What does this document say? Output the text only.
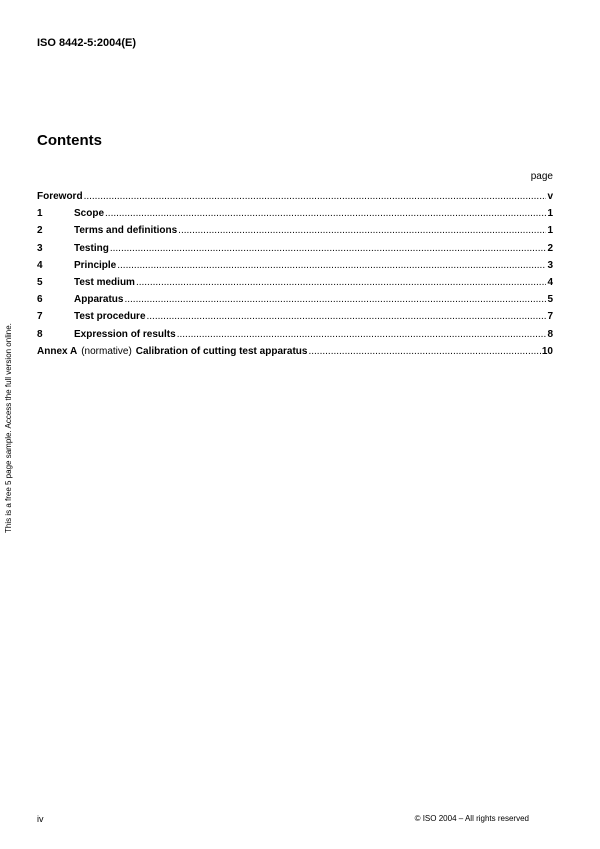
ISO 8442-5:2004(E)
Contents
page
Foreword .....	v
1	Scope .....	1
2	Terms and definitions .....	1
3	Testing .....	2
4	Principle .....	3
5	Test medium .....	4
6	Apparatus .....	5
7	Test procedure .....	7
8	Expression of results .....	8
Annex A (normative) Calibration of cutting test apparatus .....	10
This is a free 5 page sample. Access the full version online.
iv	© ISO 2004 – All rights reserved
